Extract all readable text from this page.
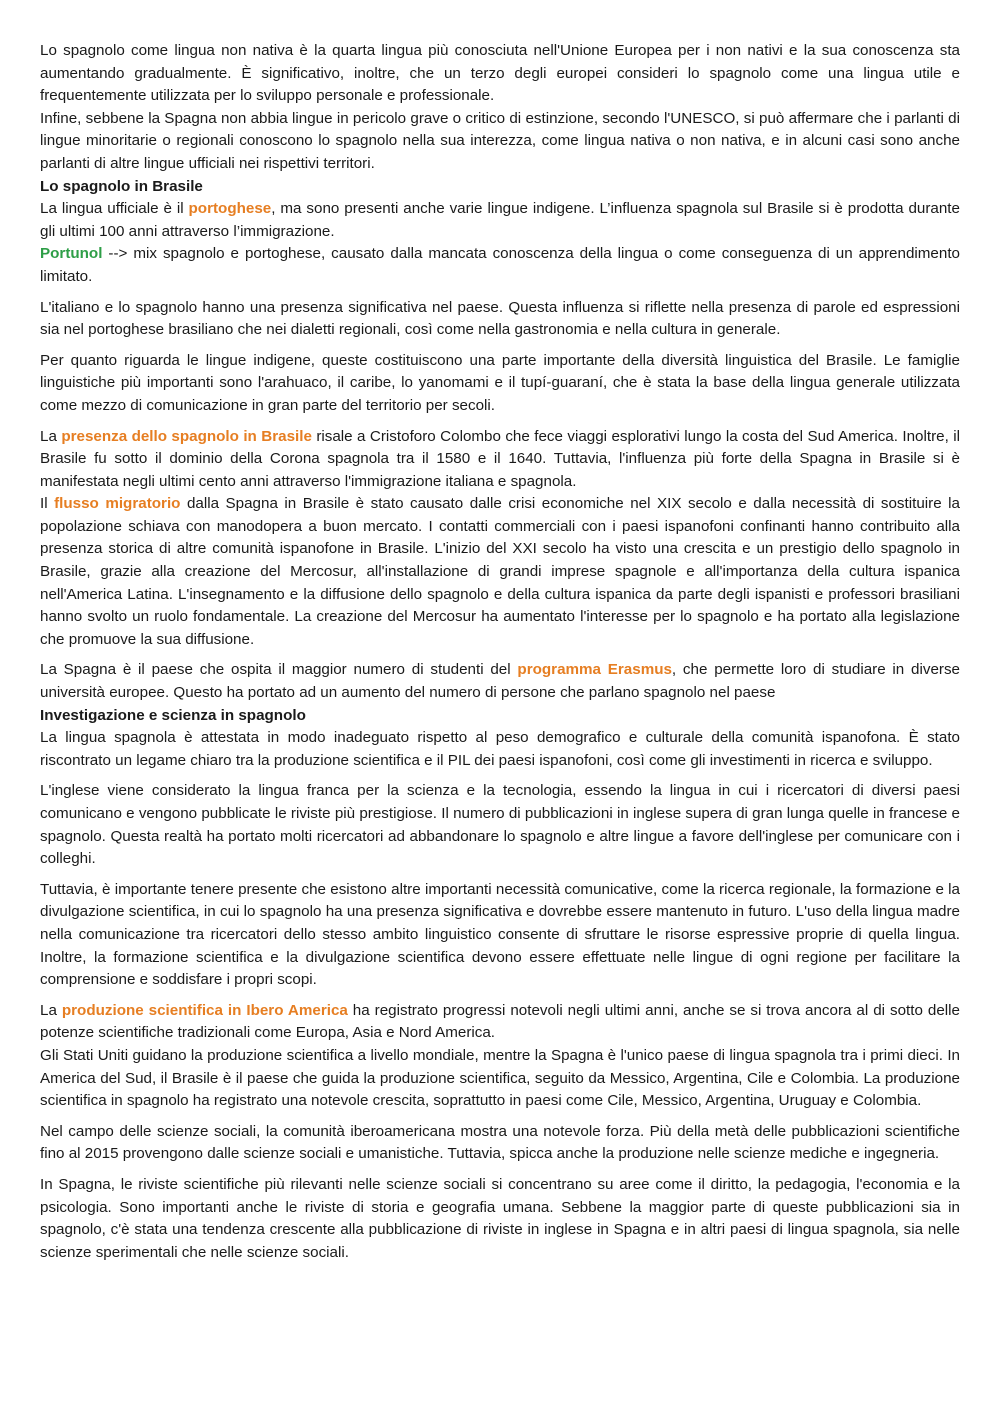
Lo spagnolo come lingua non nativa è la quarta lingua più conosciuta nell'Unione Europea per i non nativi e la sua conoscenza sta aumentando gradualmente. È significativo, inoltre, che un terzo degli europei consideri lo spagnolo come una lingua utile e frequentemente utilizzata per lo sviluppo personale e professionale.

Infine, sebbene la Spagna non abbia lingue in pericolo grave o critico di estinzione, secondo l'UNESCO, si può affermare che i parlanti di lingue minoritarie o regionali conoscono lo spagnolo nella sua interezza, come lingua nativa o non nativa, e in alcuni casi sono anche parlanti di altre lingue ufficiali nei rispettivi territori.

Lo spagnolo in Brasile

La lingua ufficiale è il portoghese, ma sono presenti anche varie lingue indigene. L’influenza spagnola sul Brasile si è prodotta durante gli ultimi 100 anni attraverso l’immigrazione.

Portunol --> mix spagnolo e portoghese, causato dalla mancata conoscenza della lingua o come conseguenza di un apprendimento limitato.

L'italiano e lo spagnolo hanno una presenza significativa nel paese. Questa influenza si riflette nella presenza di parole ed espressioni sia nel portoghese brasiliano che nei dialetti regionali, così come nella gastronomia e nella cultura in generale.

Per quanto riguarda le lingue indigene, queste costituiscono una parte importante della diversità linguistica del Brasile. Le famiglie linguistiche più importanti sono l'arahuaco, il caribe, lo yanomami e il tupí-guaraní, che è stata la base della lingua generale utilizzata come mezzo di comunicazione in gran parte del territorio per secoli.

La presenza dello spagnolo in Brasile risale a Cristoforo Colombo che fece viaggi esplorativi lungo la costa del Sud America. Inoltre, il Brasile fu sotto il dominio della Corona spagnola tra il 1580 e il 1640. Tuttavia, l'influenza più forte della Spagna in Brasile si è manifestata negli ultimi cento anni attraverso l'immigrazione italiana e spagnola.

Il flusso migratorio dalla Spagna in Brasile è stato causato dalle crisi economiche nel XIX secolo e dalla necessità di sostituire la popolazione schiava con manodopera a buon mercato. I contatti commerciali con i paesi ispanofoni confinanti hanno contribuito alla presenza storica di altre comunità ispanofone in Brasile. L'inizio del XXI secolo ha visto una crescita e un prestigio dello spagnolo in Brasile, grazie alla creazione del Mercosur, all'installazione di grandi imprese spagnole e all'importanza della cultura ispanica nell'America Latina. L'insegnamento e la diffusione dello spagnolo e della cultura ispanica da parte degli ispanisti e professori brasiliani hanno svolto un ruolo fondamentale. La creazione del Mercosur ha aumentato l'interesse per lo spagnolo e ha portato alla legislazione che promuove la sua diffusione.

La Spagna è il paese che ospita il maggior numero di studenti del programma Erasmus, che permette loro di studiare in diverse università europee. Questo ha portato ad un aumento del numero di persone che parlano spagnolo nel paese

Investigazione e scienza in spagnolo

La lingua spagnola è attestata in modo inadeguato rispetto al peso demografico e culturale della comunità ispanofona. È stato riscontrato un legame chiaro tra la produzione scientifica e il PIL dei paesi ispanofoni, così come gli investimenti in ricerca e sviluppo.

L'inglese viene considerato la lingua franca per la scienza e la tecnologia, essendo la lingua in cui i ricercatori di diversi paesi comunicano e vengono pubblicate le riviste più prestigiose. Il numero di pubblicazioni in inglese supera di gran lunga quelle in francese e spagnolo. Questa realtà ha portato molti ricercatori ad abbandonare lo spagnolo e altre lingue a favore dell'inglese per comunicare con i colleghi.

Tuttavia, è importante tenere presente che esistono altre importanti necessità comunicative, come la ricerca regionale, la formazione e la divulgazione scientifica, in cui lo spagnolo ha una presenza significativa e dovrebbe essere mantenuto in futuro. L'uso della lingua madre nella comunicazione tra ricercatori dello stesso ambito linguistico consente di sfruttare le risorse espressive proprie di quella lingua. Inoltre, la formazione scientifica e la divulgazione scientifica devono essere effettuate nelle lingue di ogni regione per facilitare la comprensione e soddisfare i propri scopi.

La produzione scientifica in Ibero America ha registrato progressi notevoli negli ultimi anni, anche se si trova ancora al di sotto delle potenze scientifiche tradizionali come Europa, Asia e Nord America.

Gli Stati Uniti guidano la produzione scientifica a livello mondiale, mentre la Spagna è l'unico paese di lingua spagnola tra i primi dieci. In America del Sud, il Brasile è il paese che guida la produzione scientifica, seguito da Messico, Argentina, Cile e Colombia. La produzione scientifica in spagnolo ha registrato una notevole crescita, soprattutto in paesi come Cile, Messico, Argentina, Uruguay e Colombia.

Nel campo delle scienze sociali, la comunità iberoamericana mostra una notevole forza. Più della metà delle pubblicazioni scientifiche fino al 2015 provengono dalle scienze sociali e umanistiche. Tuttavia, spicca anche la produzione nelle scienze mediche e ingegneria.

In Spagna, le riviste scientifiche più rilevanti nelle scienze sociali si concentrano su aree come il diritto, la pedagogia, l'economia e la psicologia. Sono importanti anche le riviste di storia e geografia umana. Sebbene la maggior parte di queste pubblicazioni sia in spagnolo, c'è stata una tendenza crescente alla pubblicazione di riviste in inglese in Spagna e in altri paesi di lingua spagnola, sia nelle scienze sperimentali che nelle scienze sociali.
